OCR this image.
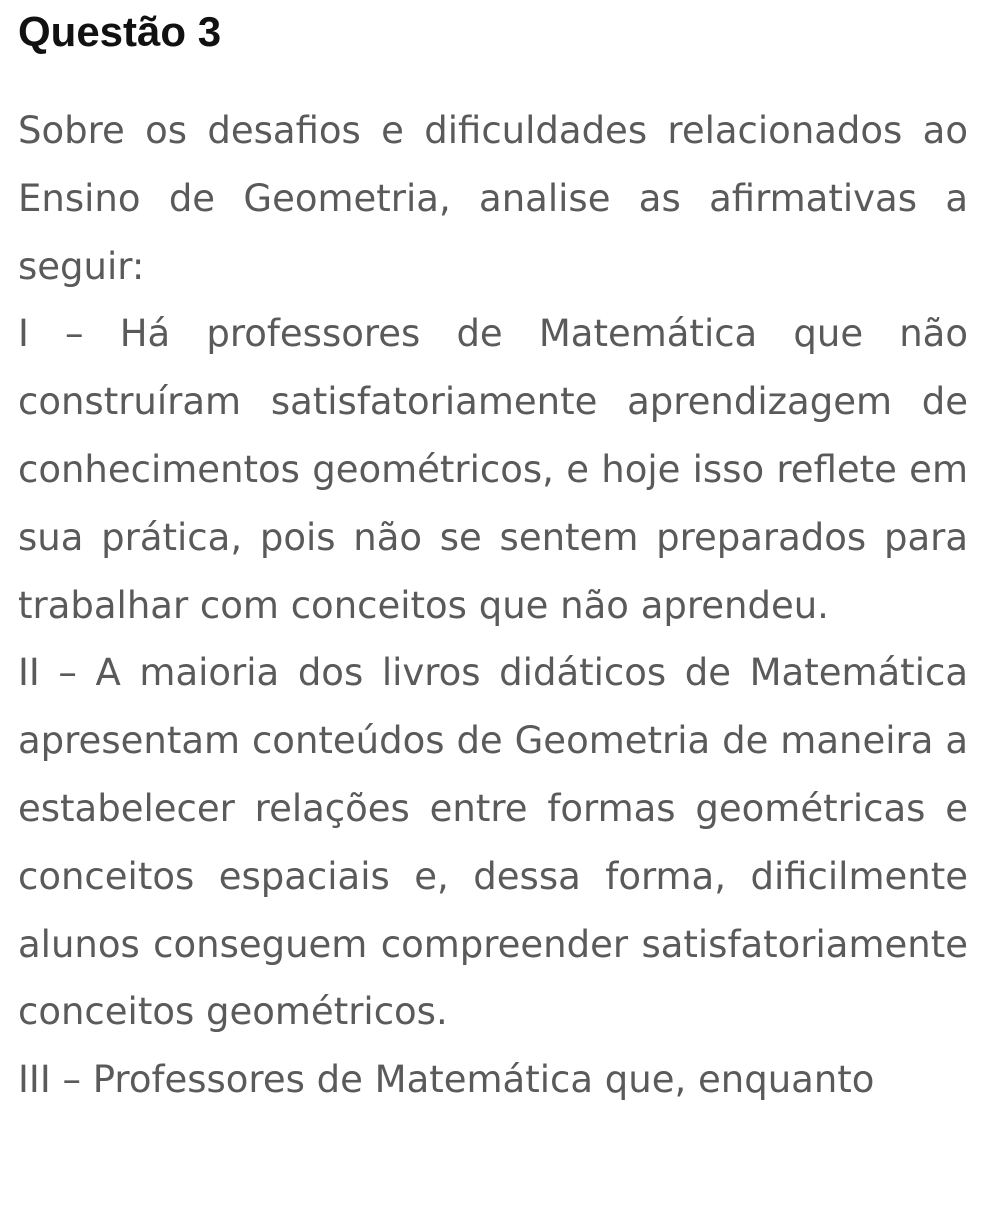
Questão 3

Sobre os desafios e dificuldades relacionados ao Ensino de Geometria, analise as afirmativas a seguir:

I – Há professores de Matemática que não construíram satisfatoriamente aprendizagem de conhecimentos geométricos, e hoje isso reflete em sua prática, pois não se sentem preparados para trabalhar com conceitos que não aprendeu.

II – A maioria dos livros didáticos de Matemática apresentam conteúdos de Geometria de maneira a estabelecer relações entre formas geométricas e conceitos espaciais e, dessa forma, dificilmente alunos conseguem compreender satisfatoriamente conceitos geométricos.

III – Professores de Matemática que, enquanto
